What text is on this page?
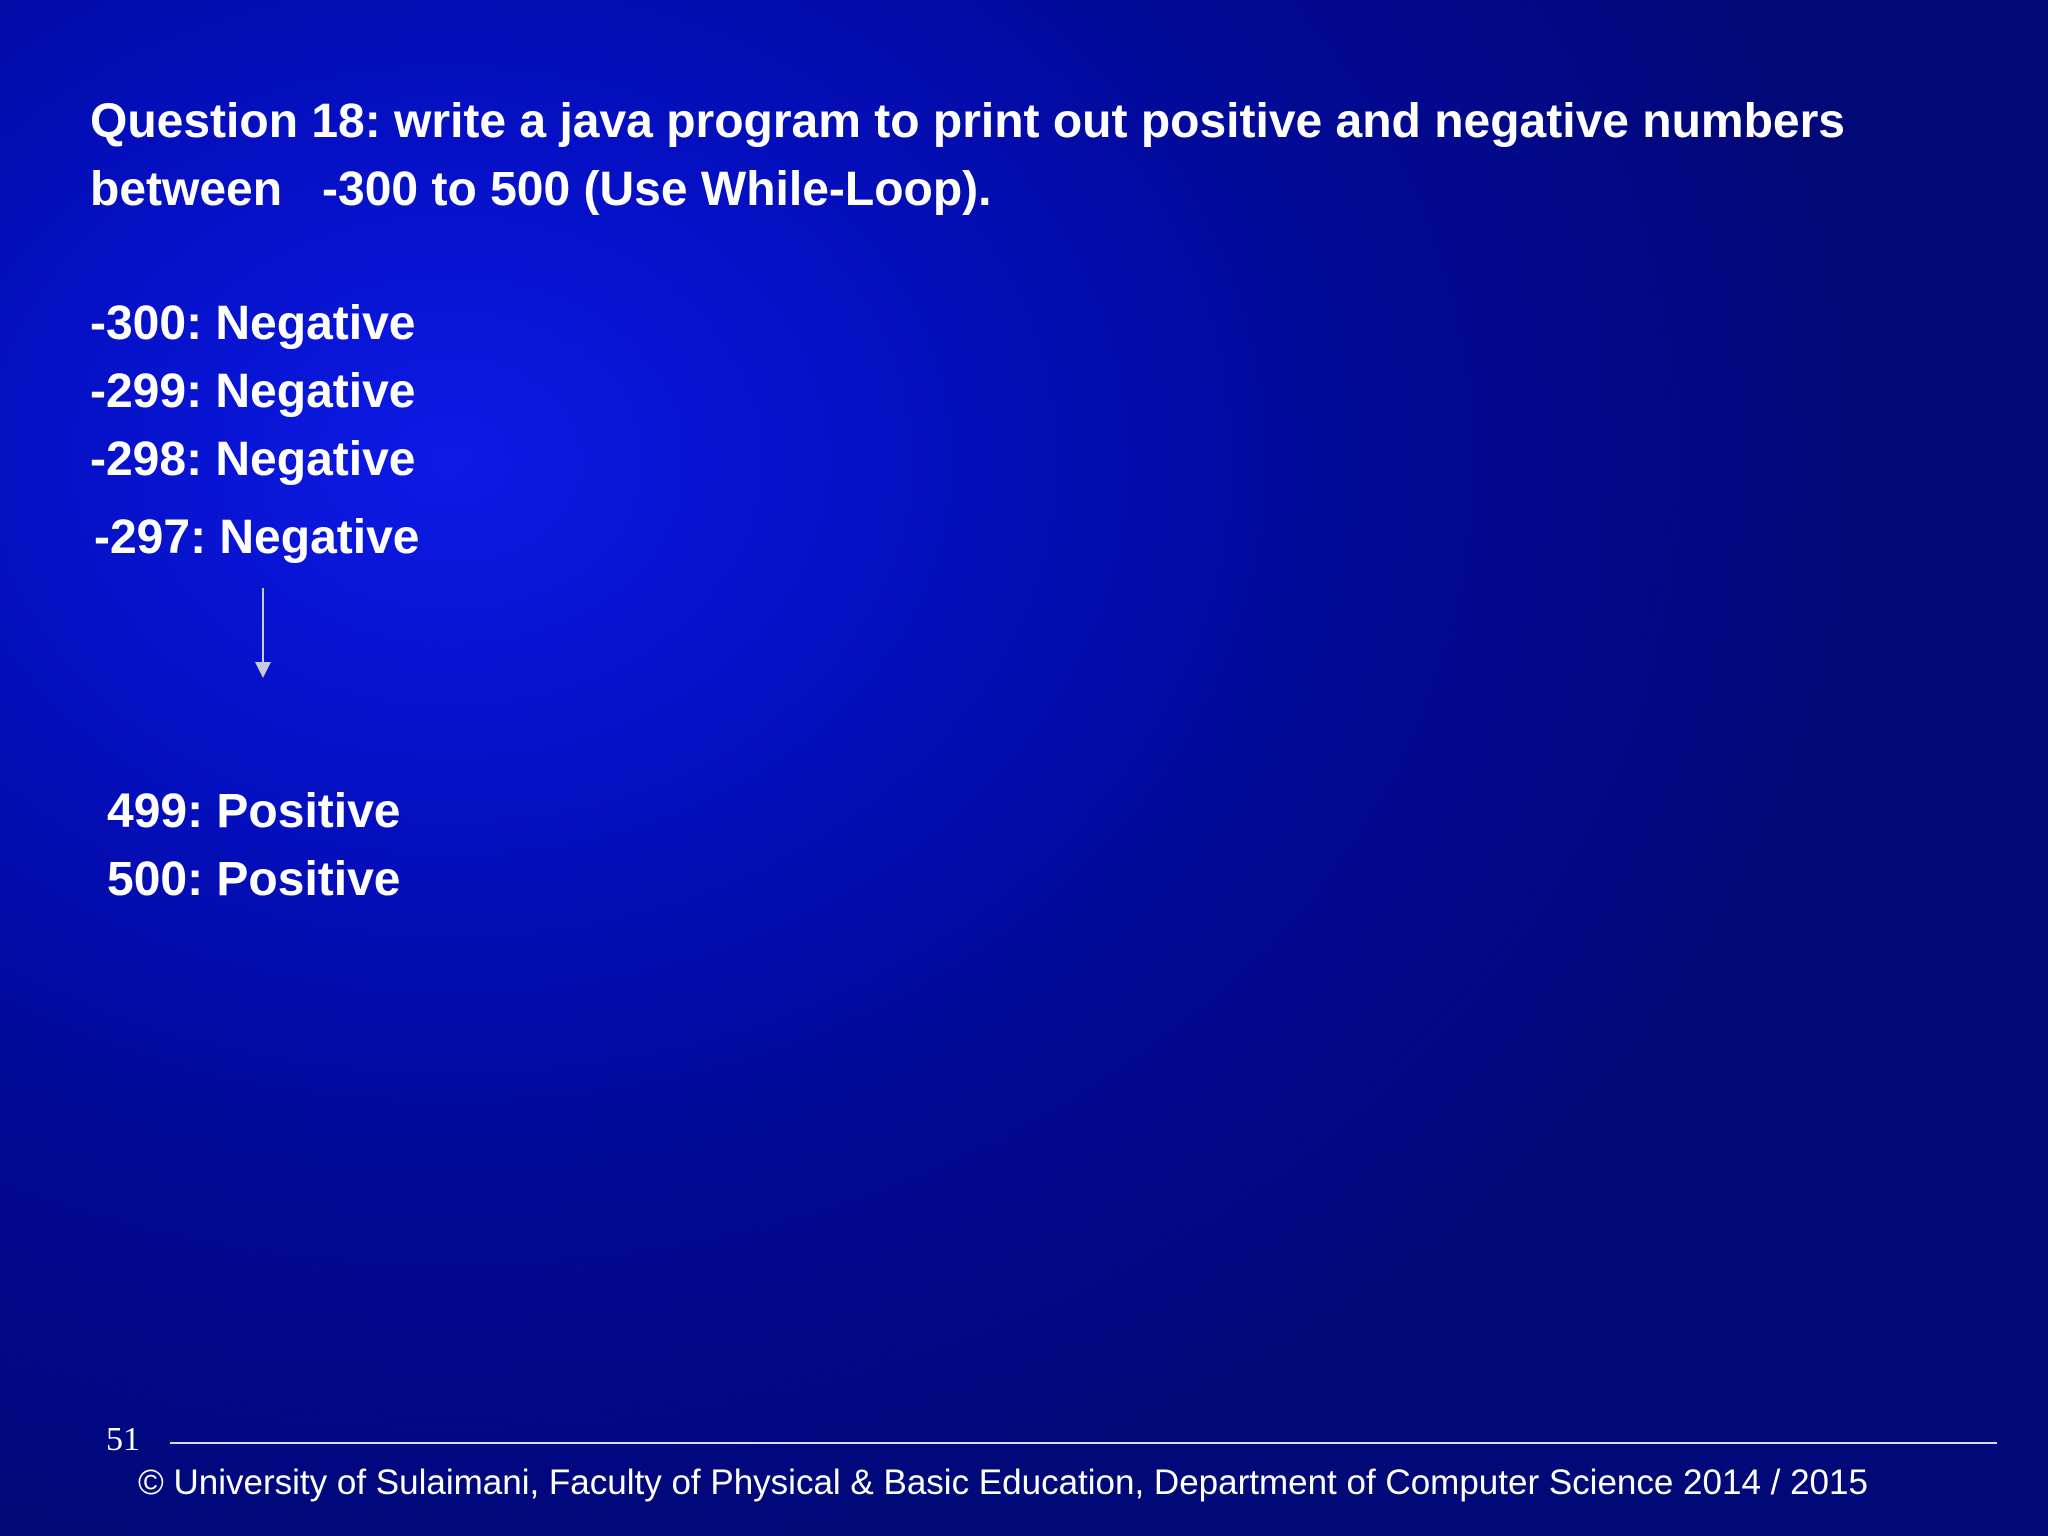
Question 18: write a java program to print out positive and negative numbers between   -300 to 500 (Use While-Loop).

-300: Negative
-299: Negative
-298: Negative
-297: Negative
499: Positive
500: Positive
51
© University of Sulaimani, Faculty of Physical & Basic Education, Department of Computer Science 2014 / 2015
